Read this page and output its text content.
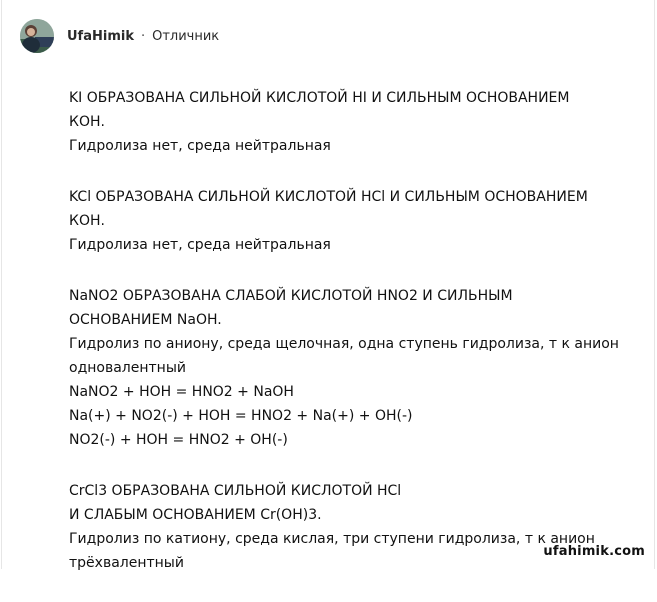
UfaHimik · Отличник
KI ОБРАЗОВАНА СИЛЬНОЙ КИСЛОТОЙ HI И СИЛЬНЫМ ОСНОВАНИЕМ
КОН.
Гидролиза нет, среда нейтральная
KCl ОБРАЗОВАНА СИЛЬНОЙ КИСЛОТОЙ HCl И СИЛЬНЫМ ОСНОВАНИЕМ
КОН.
Гидролиза нет, среда нейтральная
NaNO2 ОБРАЗОВАНА СЛАБОЙ КИСЛОТОЙ HNO2 И СИЛЬНЫМ
ОСНОВАНИЕМ NaOH.
Гидролиз по аниону, среда щелочная, одна ступень гидролиза, т к анион
одновалентный
NaNO2 + HOH = HNO2 + NaOH
Na(+) + NO2(-) + HOH = HNO2 + Na(+) + OH(-)
NO2(-) + HOH = HNO2 + OH(-)
CrCl3 ОБРАЗОВАНА СИЛЬНОЙ КИСЛОТОЙ HCl
И СЛАБЫМ ОСНОВАНИЕМ Cr(OH)3.
Гидролиз по катиону, среда кислая, три ступени гидролиза, т к анион
трёхвалентный
ufahimik.com
